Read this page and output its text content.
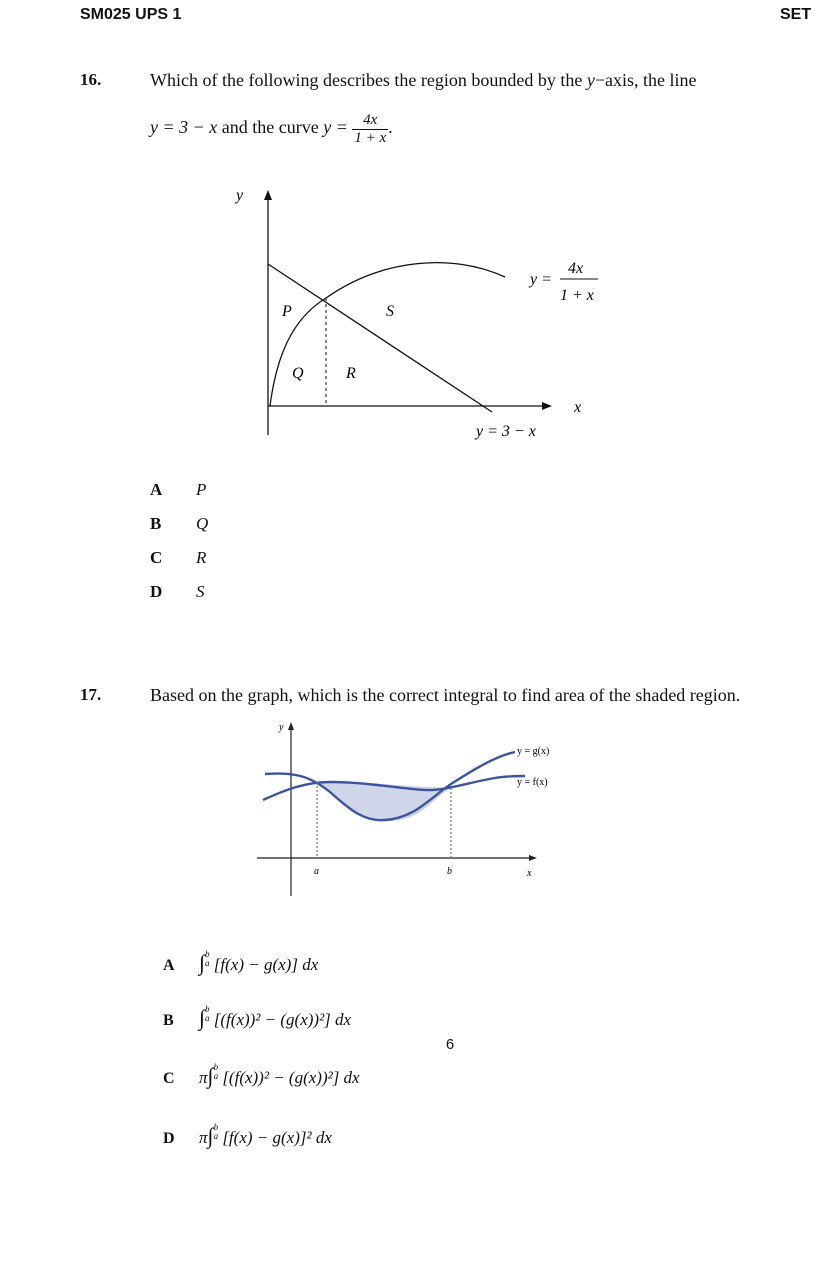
SM025 UPS 1	SET
16.	Which of the following describes the region bounded by the y−axis, the line
y = 3 − x and the curve $y = \frac{4x}{1 + x}$ .
y
x
P
Q	R
S
y =
4x
1 + x
y = 3 − x
A P
B Q
C R
D S
17.	Based on the graph, which is the correct integral to find area of the shaded region.
y
x
a	b
y = g(x)
y = f(x)
A ∫b
a [f(x) − g(x)] dx
B ∫b
a [(f(x))² − (g(x))²] dx
C π∫b
a [(f(x))² − (g(x))²] dx
D π∫b
a [f(x) − g(x)]² dx
6
